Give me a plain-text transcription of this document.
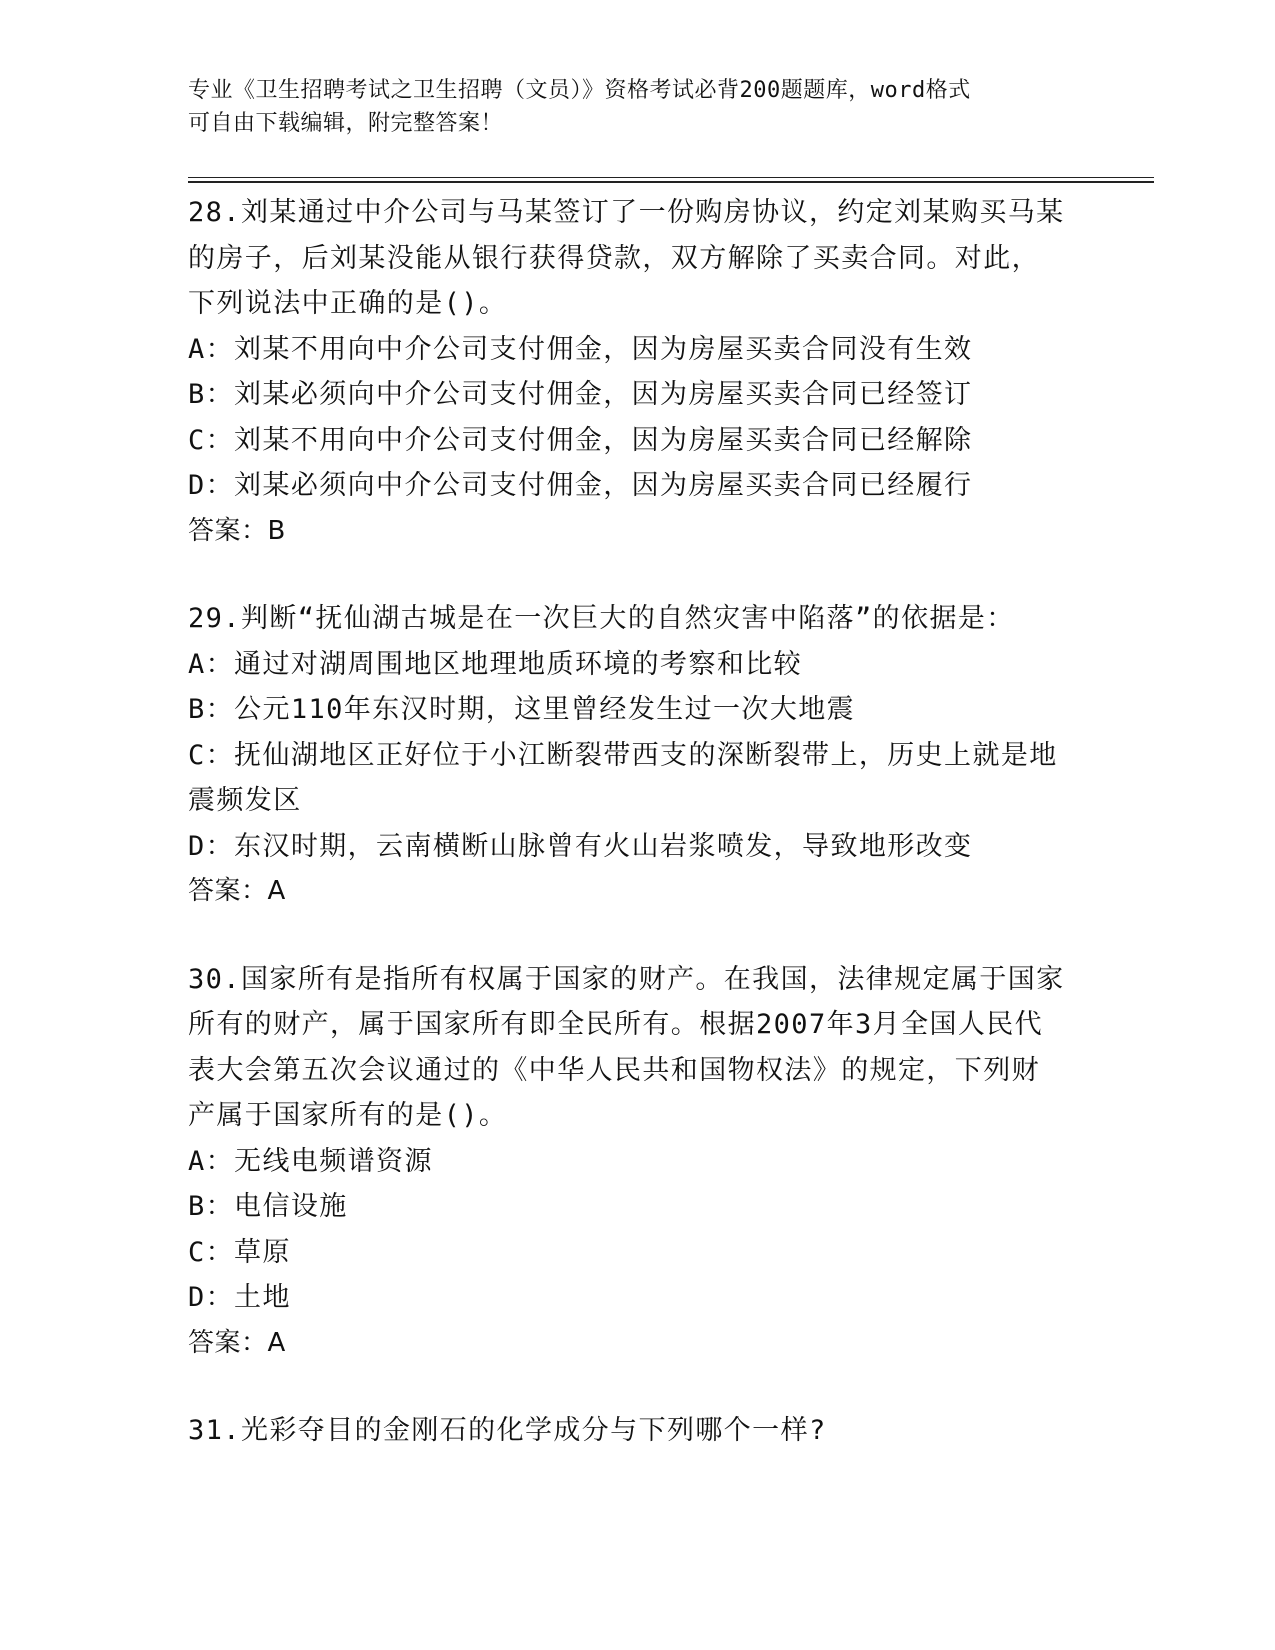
专业《卫生招聘考试之卫生招聘（文员）》资格考试必背200题题库，word格式

可自由下载编辑，附完整答案！

28.刘某通过中介公司与马某签订了一份购房协议，约定刘某购买马某

的房子，后刘某没能从银行获得贷款，双方解除了买卖合同。对此，

下列说法中正确的是()。

A：刘某不用向中介公司支付佣金，因为房屋买卖合同没有生效

B：刘某必须向中介公司支付佣金，因为房屋买卖合同已经签订

C：刘某不用向中介公司支付佣金，因为房屋买卖合同已经解除

D：刘某必须向中介公司支付佣金，因为房屋买卖合同已经履行

答案：B

29.判断“抚仙湖古城是在一次巨大的自然灾害中陷落”的依据是：

A：通过对湖周围地区地理地质环境的考察和比较

B：公元110年东汉时期，这里曾经发生过一次大地震

C：抚仙湖地区正好位于小江断裂带西支的深断裂带上，历史上就是地

震频发区

D：东汉时期，云南横断山脉曾有火山岩浆喷发，导致地形改变

答案：A

30.国家所有是指所有权属于国家的财产。在我国，法律规定属于国家

所有的财产，属于国家所有即全民所有。根据2007年3月全国人民代

表大会第五次会议通过的《中华人民共和国物权法》的规定，下列财

产属于国家所有的是()。

A：无线电频谱资源

B：电信设施

C：草原

D：土地

答案：A

31.光彩夺目的金刚石的化学成分与下列哪个一样?
